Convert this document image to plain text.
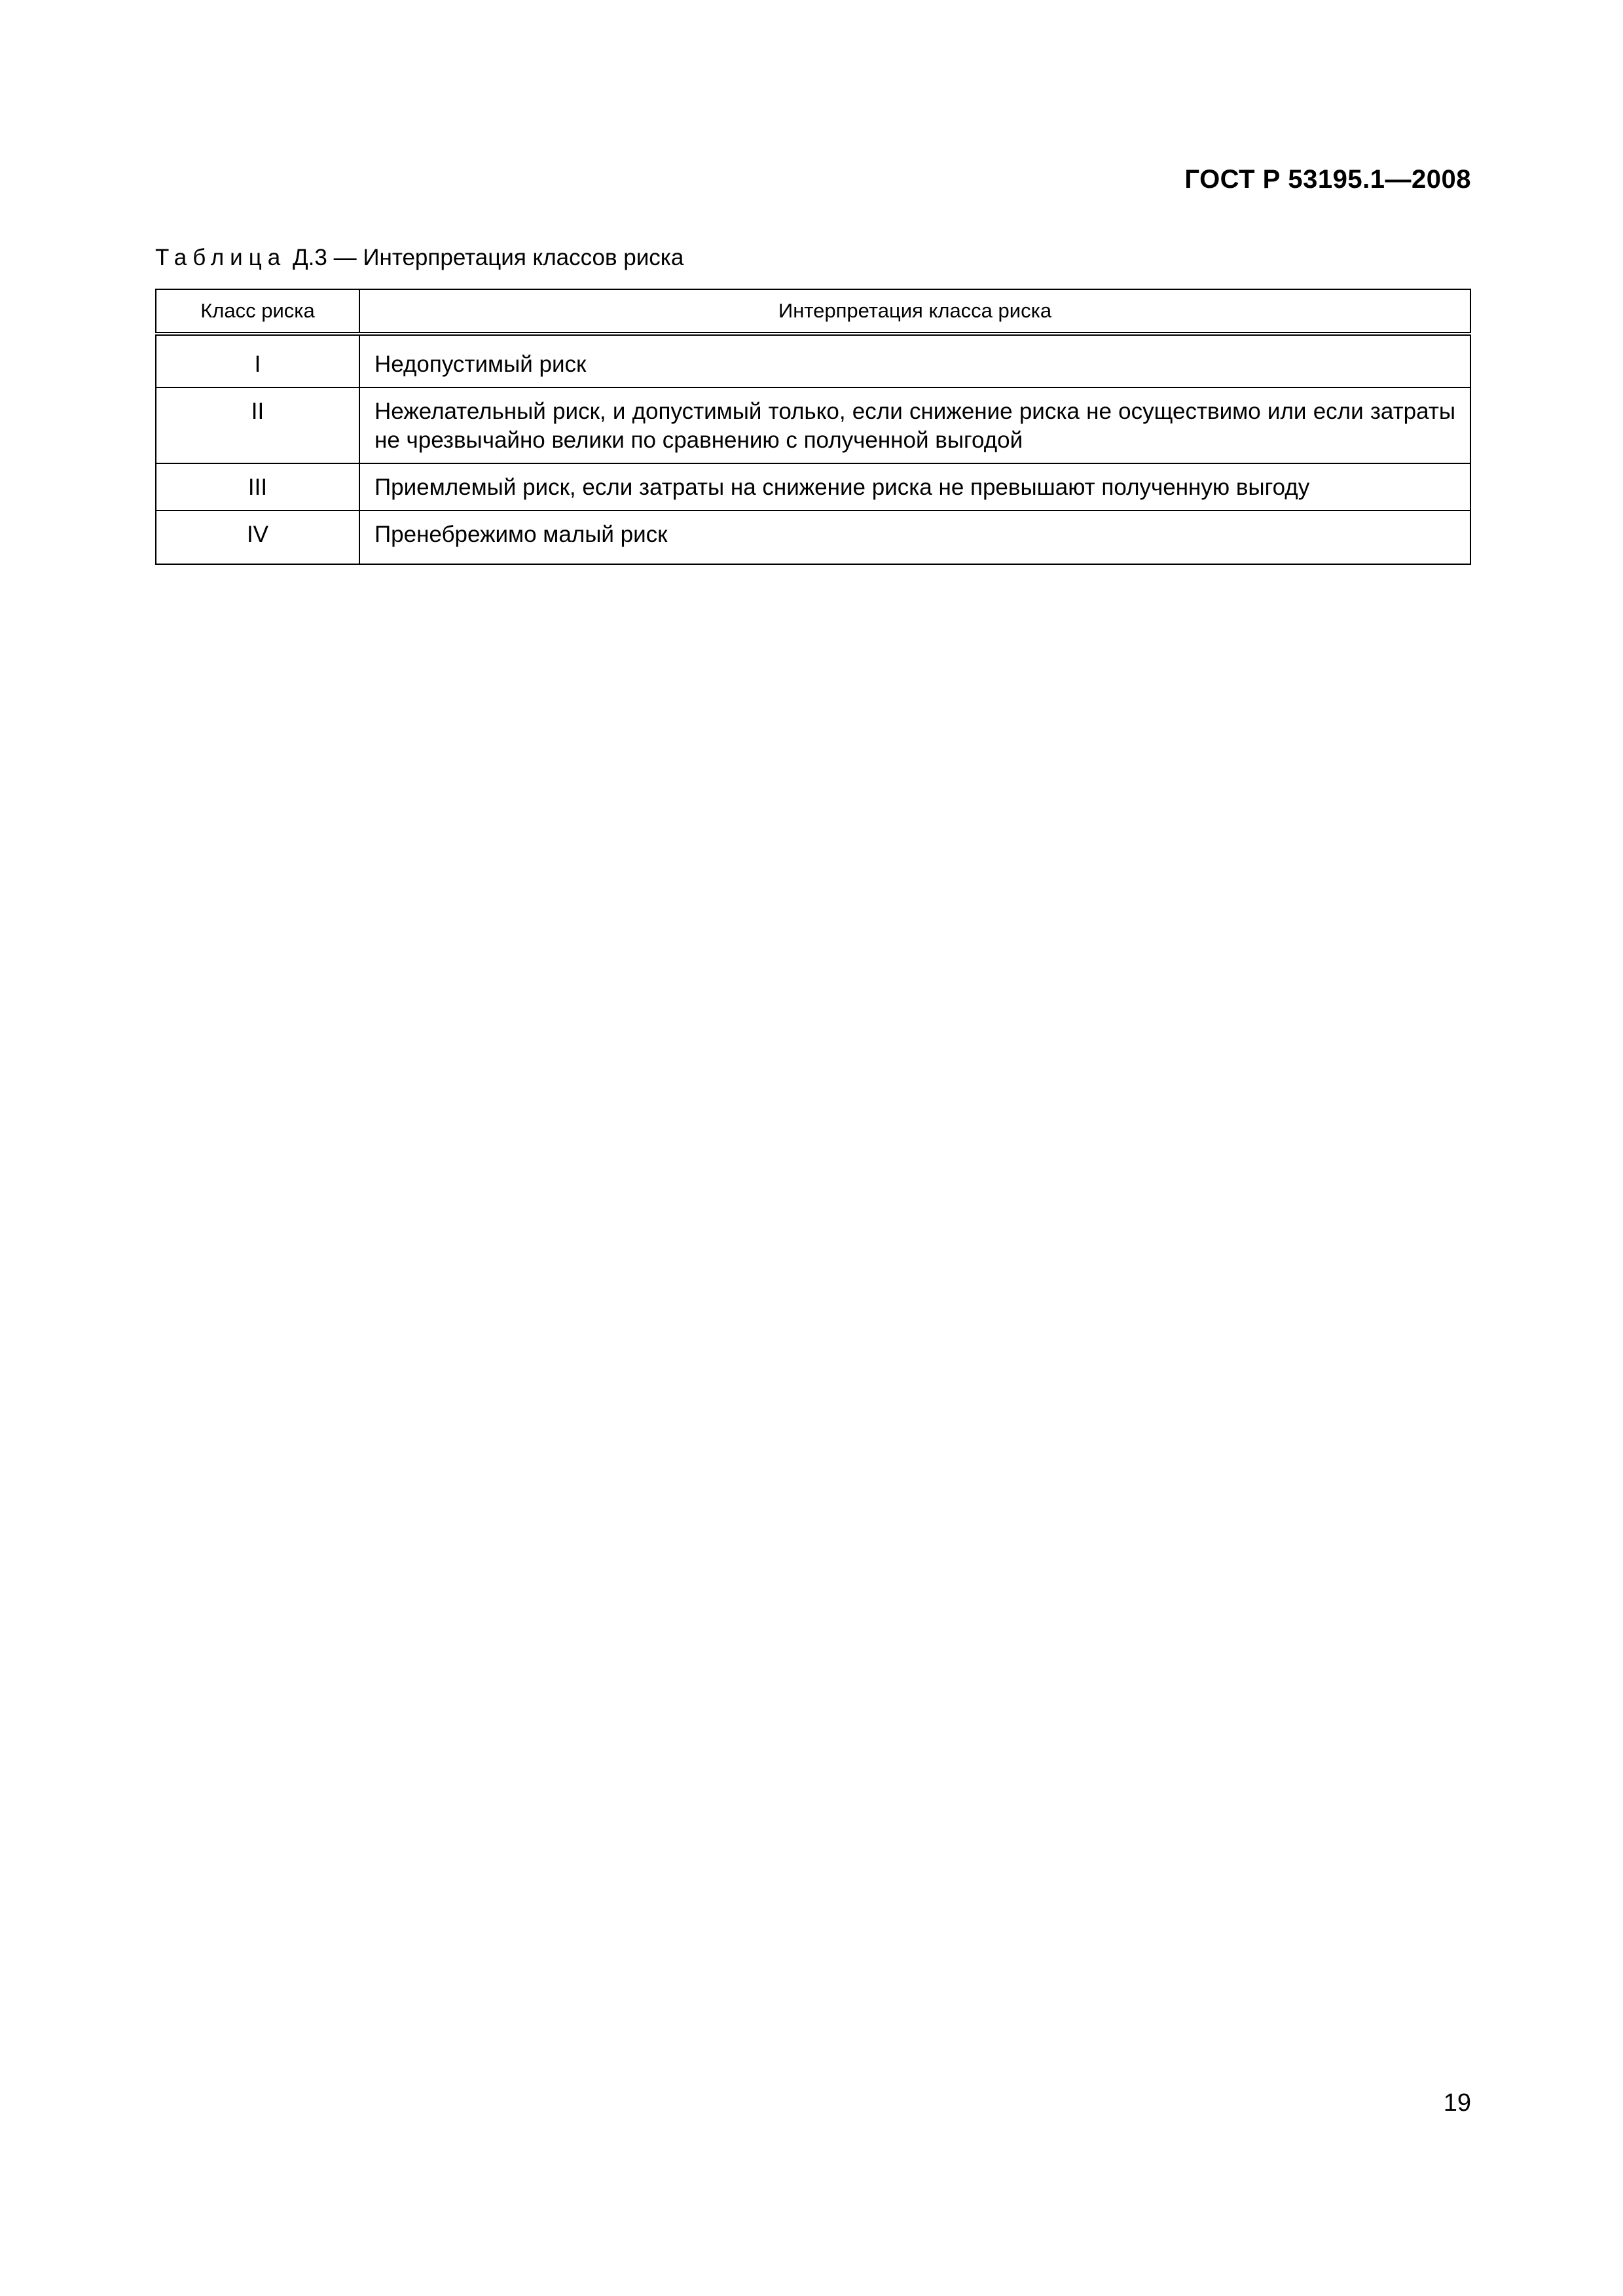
ГОСТ Р 53195.1—2008
Таблица Д.3 — Интерпретация классов риска
Класс риска	Интерпретация класса риска
I	Недопустимый риск
II	Нежелательный риск, и допустимый только, если снижение риска не осуществимо или если затраты не чрезвычайно велики по сравнению с полученной выгодой
III	Приемлемый риск, если затраты на снижение риска не превышают полученную выгоду
IV	Пренебрежимо малый риск
19
